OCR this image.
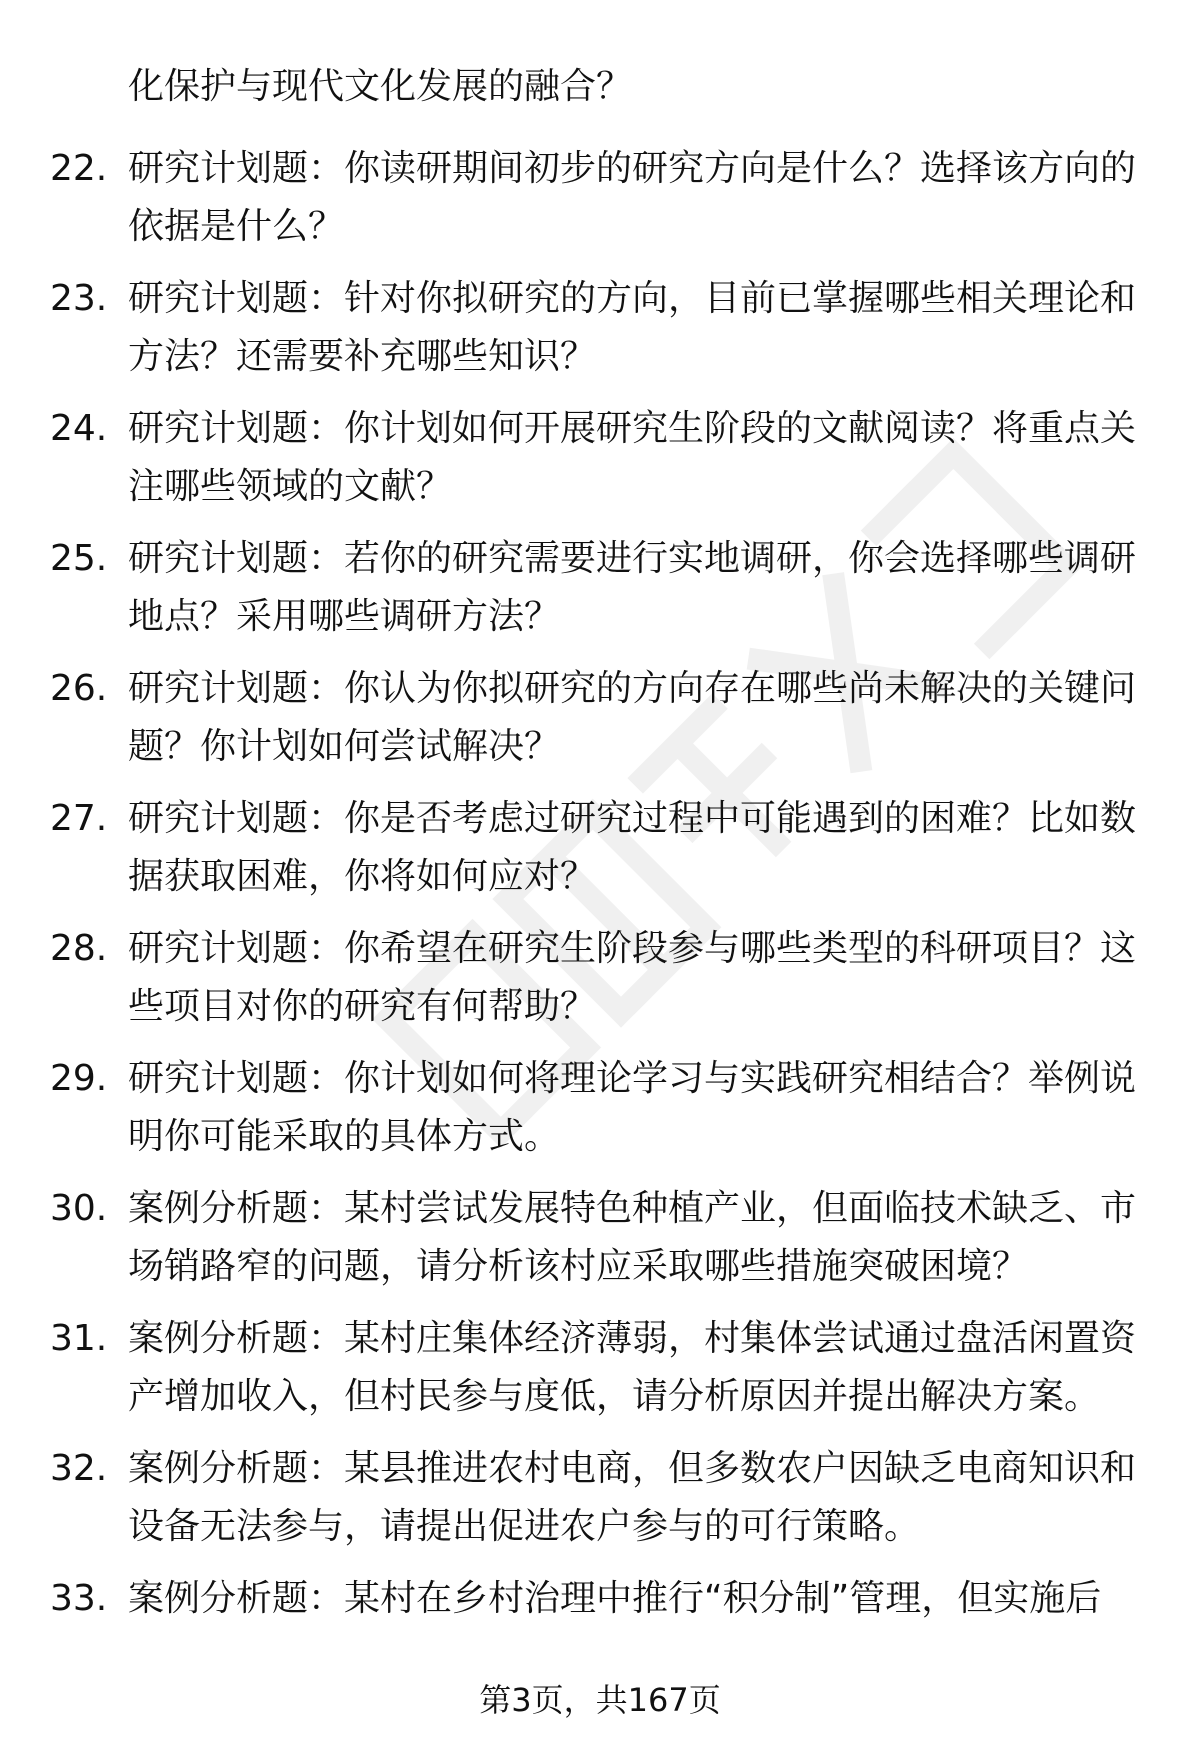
化保护与现代文化发展的融合？
22. 研究计划题：你读研期间初步的研究方向是什么？选择该方向的
依据是什么？
23. 研究计划题：针对你拟研究的方向，目前已掌握哪些相关理论和
方法？还需要补充哪些知识？
24. 研究计划题：你计划如何开展研究生阶段的文献阅读？将重点关
注哪些领域的文献？
25. 研究计划题：若你的研究需要进行实地调研，你会选择哪些调研
地点？采用哪些调研方法？
26. 研究计划题：你认为你拟研究的方向存在哪些尚未解决的关键问
题？你计划如何尝试解决？
27. 研究计划题：你是否考虑过研究过程中可能遇到的困难？比如数
据获取困难，你将如何应对？
28. 研究计划题：你希望在研究生阶段参与哪些类型的科研项目？这
些项目对你的研究有何帮助？
29. 研究计划题：你计划如何将理论学习与实践研究相结合？举例说
明你可能采取的具体方式。
30. 案例分析题：某村尝试发展特色种植产业，但面临技术缺乏、市
场销路窄的问题，请分析该村应采取哪些措施突破困境？
31. 案例分析题：某村庄集体经济薄弱，村集体尝试通过盘活闲置资
产增加收入，但村民参与度低，请分析原因并提出解决方案。
32. 案例分析题：某县推进农村电商，但多数农户因缺乏电商知识和
设备无法参与，请提出促进农户参与的可行策略。
33. 案例分析题：某村在乡村治理中推行“积分制”管理，但实施后
第3页，共167页
